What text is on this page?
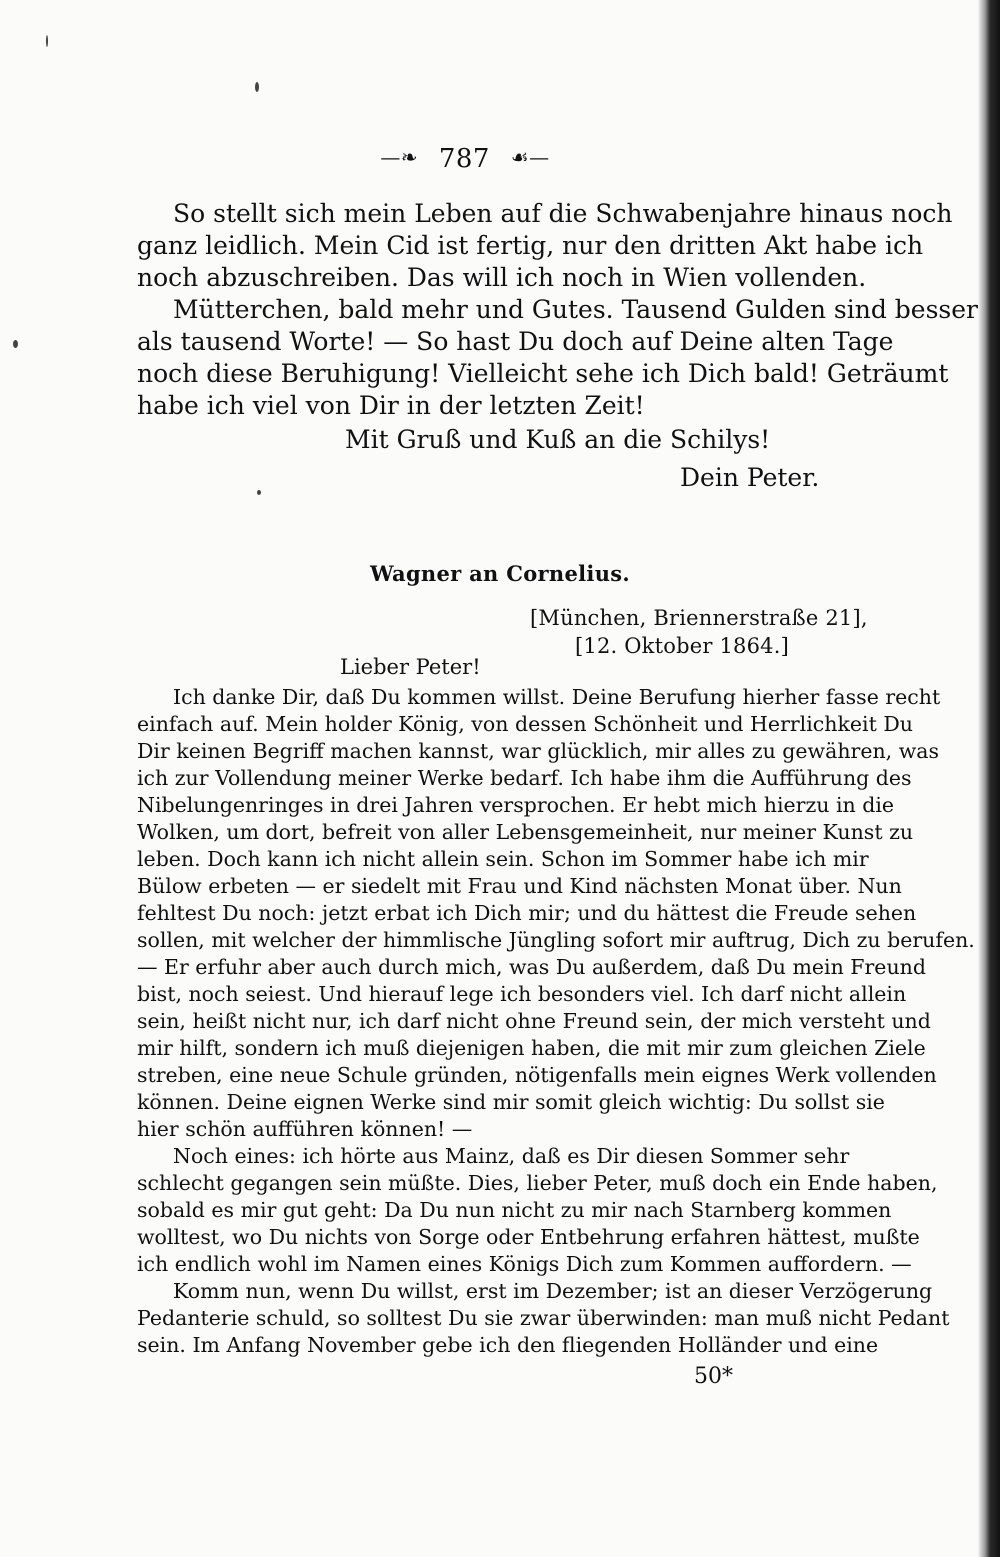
—❧ 787 ☙—
So stellt sich mein Leben auf die Schwabenjahre hinaus noch
ganz leidlich. Mein Cid ist fertig, nur den dritten Akt habe ich
noch abzuschreiben. Das will ich noch in Wien vollenden.
Mütterchen, bald mehr und Gutes. Tausend Gulden sind besser
als tausend Worte! — So hast Du doch auf Deine alten Tage
noch diese Beruhigung! Vielleicht sehe ich Dich bald! Geträumt
habe ich viel von Dir in der letzten Zeit!
Mit Gruß und Kuß an die Schilys!
Dein Peter.
Wagner an Cornelius.
[München, Briennerstraße 21],
[12. Oktober 1864.]
Lieber Peter!
Ich danke Dir, daß Du kommen willst. Deine Berufung hierher fasse recht
einfach auf. Mein holder König, von dessen Schönheit und Herrlichkeit Du
Dir keinen Begriff machen kannst, war glücklich, mir alles zu gewähren, was
ich zur Vollendung meiner Werke bedarf. Ich habe ihm die Aufführung des
Nibelungenringes in drei Jahren versprochen. Er hebt mich hierzu in die
Wolken, um dort, befreit von aller Lebensgemeinheit, nur meiner Kunst zu
leben. Doch kann ich nicht allein sein. Schon im Sommer habe ich mir
Bülow erbeten — er siedelt mit Frau und Kind nächsten Monat über. Nun
fehltest Du noch: jetzt erbat ich Dich mir; und du hättest die Freude sehen
sollen, mit welcher der himmlische Jüngling sofort mir auftrug, Dich zu berufen.
— Er erfuhr aber auch durch mich, was Du außerdem, daß Du mein Freund
bist, noch seiest. Und hierauf lege ich besonders viel. Ich darf nicht allein
sein, heißt nicht nur, ich darf nicht ohne Freund sein, der mich versteht und
mir hilft, sondern ich muß diejenigen haben, die mit mir zum gleichen Ziele
streben, eine neue Schule gründen, nötigenfalls mein eignes Werk vollenden
können. Deine eignen Werke sind mir somit gleich wichtig: Du sollst sie
hier schön aufführen können! —
Noch eines: ich hörte aus Mainz, daß es Dir diesen Sommer sehr
schlecht gegangen sein müßte. Dies, lieber Peter, muß doch ein Ende haben,
sobald es mir gut geht: Da Du nun nicht zu mir nach Starnberg kommen
wolltest, wo Du nichts von Sorge oder Entbehrung erfahren hättest, mußte
ich endlich wohl im Namen eines Königs Dich zum Kommen auffordern. —
Komm nun, wenn Du willst, erst im Dezember; ist an dieser Verzögerung
Pedanterie schuld, so solltest Du sie zwar überwinden: man muß nicht Pedant
sein. Im Anfang November gebe ich den fliegenden Holländer und eine
50*
